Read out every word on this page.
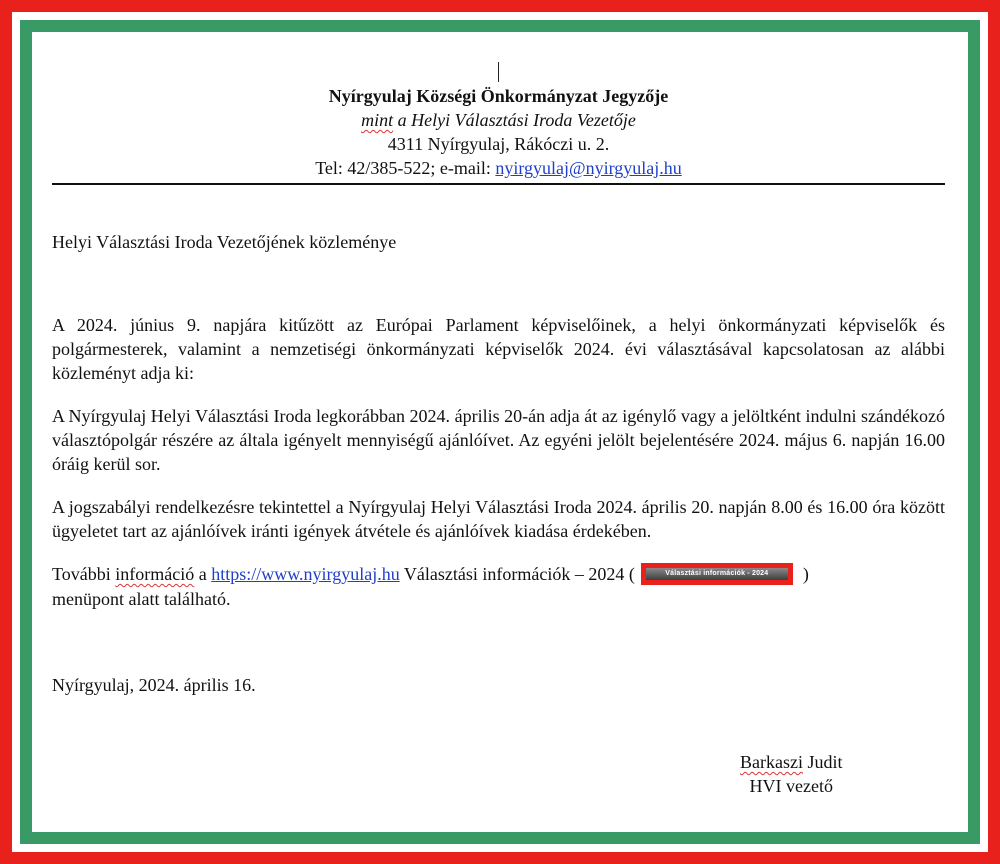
Nyírgyulaj Községi Önkormányzat Jegyzője
mint a Helyi Választási Iroda Vezetője
4311 Nyírgyulaj, Rákóczi u. 2.
Tel: 42/385-522; e-mail: nyirgyulaj@nyirgyulaj.hu
Helyi Választási Iroda Vezetőjének közleménye
A 2024. június 9. napjára kitűzött az Európai Parlament képviselőinek, a helyi önkormányzati képviselők és polgármesterek, valamint a nemzetiségi önkormányzati képviselők 2024. évi választásával kapcsolatosan az alábbi közleményt adja ki:
A Nyírgyulaj Helyi Választási Iroda legkorábban 2024. április 20-án adja át az igénylő vagy a jelöltként indulni szándékozó választópolgár részére az általa igényelt mennyiségű ajánlóívet. Az egyéni jelölt bejelentésére 2024. május 6. napján 16.00 óráig kerül sor.
A jogszabályi rendelkezésre tekintettel a Nyírgyulaj Helyi Választási Iroda 2024. április 20. napján 8.00 és 16.00 óra között ügyeletet tart az ajánlóívek iránti igények átvétele és ajánlóívek kiadása érdekében.
További információ a https://www.nyirgyulaj.hu Választási információk – 2024 (	Választási információk - 2024	)
menüpont alatt található.
Nyírgyulaj, 2024. április 16.
Barkaszi Judit
HVI vezető
